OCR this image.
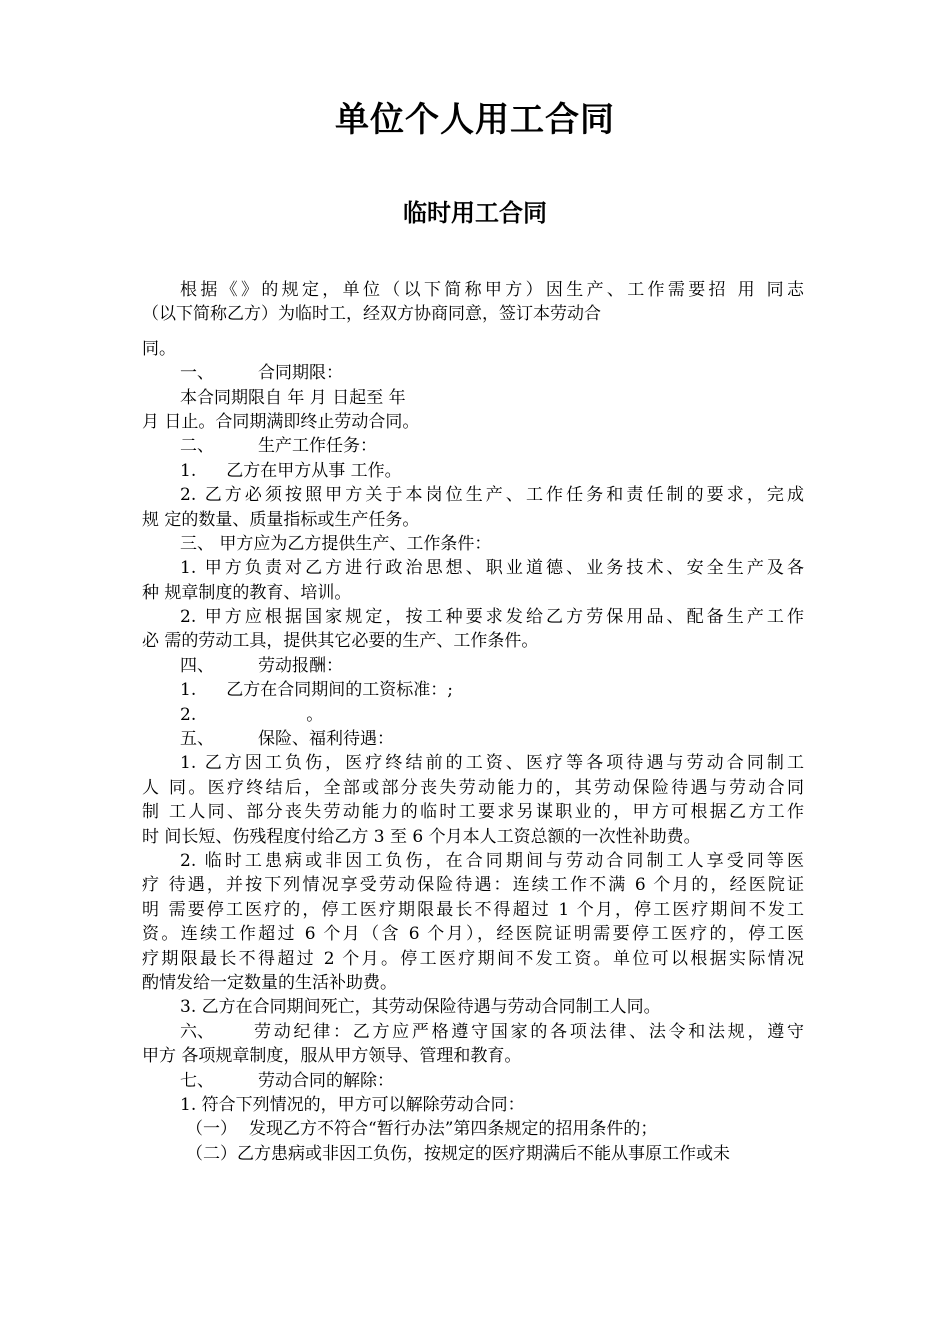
单位个人用工合同
临时用工合同
根据《》的规定，单位（以下简称甲方）因生产、工作需要招 用 同志
（以下简称乙方）为临时工，经双方协商同意，签订本劳动合
同。
一、	合同期限：
本合同期限自 年 月 日起至 年
月 日止。合同期满即终止劳动合同。
二、	生产工作任务：
1. 乙方在甲方从事 工作。
2. 乙方必须按照甲方关于本岗位生产、工作任务和责任制的要求，完成
规 定的数量、质量指标或生产任务。
三、 甲方应为乙方提供生产、工作条件：
1. 甲方负责对乙方进行政治思想、职业道德、业务技术、安全生产及各
种 规章制度的教育、培训。
2. 甲方应根据国家规定，按工种要求发给乙方劳保用品、配备生产工作
必 需的劳动工具，提供其它必要的生产、工作条件。
四、	劳动报酬：
1. 乙方在合同期间的工资标准：;
2.	。
五、	保险、福利待遇：
1. 乙方因工负伤，医疗终结前的工资、医疗等各项待遇与劳动合同制工
人 同。医疗终结后，全部或部分丧失劳动能力的，其劳动保险待遇与劳动合同
制 工人同、部分丧失劳动能力的临时工要求另谋职业的，甲方可根据乙方工作
时 间长短、伤残程度付给乙方 3 至 6 个月本人工资总额的一次性补助费。
2. 临时工患病或非因工负伤，在合同期间与劳动合同制工人享受同等医
疗 待遇，并按下列情况享受劳动保险待遇：连续工作不满 6 个月的，经医院证
明 需要停工医疗的，停工医疗期限最长不得超过 1 个月，停工医疗期间不发工
资。连续工作超过 6 个月（含 6 个月），经医院证明需要停工医疗的，停工医
疗期限最长不得超过 2 个月。停工医疗期间不发工资。单位可以根据实际情况
酌情发给一定数量的生活补助费。
3. 乙方在合同期间死亡，其劳动保险待遇与劳动合同制工人同。
六、	劳动纪律：乙方应严格遵守国家的各项法律、法令和法规，遵守
甲方 各项规章制度，服从甲方领导、管理和教育。
七、	劳动合同的解除：
1. 符合下列情况的，甲方可以解除劳动合同：
（一） 发现乙方不符合“暂行办法”第四条规定的招用条件的；
（二）乙方患病或非因工负伤，按规定的医疗期满后不能从事原工作或未
